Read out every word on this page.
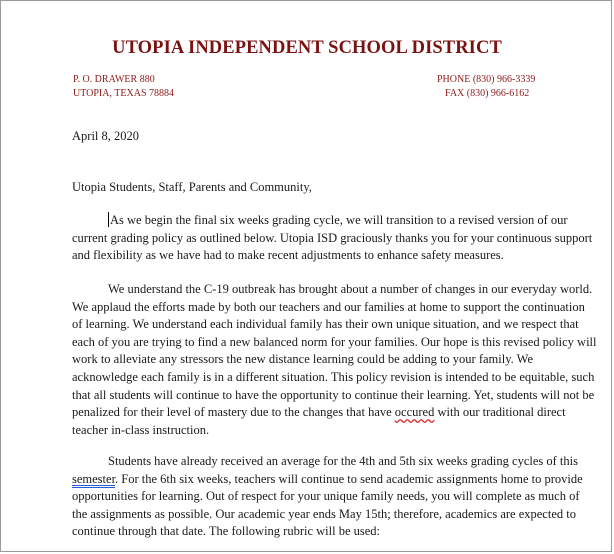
UTOPIA INDEPENDENT SCHOOL DISTRICT
P. O. DRAWER 880
UTOPIA, TEXAS 78884
PHONE (830) 966-3339
FAX (830) 966-6162
April 8, 2020
Utopia Students, Staff, Parents and Community,
As we begin the final six weeks grading cycle, we will transition to a revised version of our
current grading policy as outlined below. Utopia ISD graciously thanks you for your continuous support
and flexibility as we have had to make recent adjustments to enhance safety measures.
We understand the C-19 outbreak has brought about a number of changes in our everyday world.
We applaud the efforts made by both our teachers and our families at home to support the continuation
of learning. We understand each individual family has their own unique situation, and we respect that
each of you are trying to find a new balanced norm for your families. Our hope is this revised policy will
work to alleviate any stressors the new distance learning could be adding to your family. We
acknowledge each family is in a different situation. This policy revision is intended to be equitable, such
that all students will continue to have the opportunity to continue their learning. Yet, students will not be
penalized for their level of mastery due to the changes that have occured with our traditional direct
teacher in-class instruction.
Students have already received an average for the 4th and 5th six weeks grading cycles of this
semester. For the 6th six weeks, teachers will continue to send academic assignments home to provide
opportunities for learning. Out of respect for your unique family needs, you will complete as much of
the assignments as possible. Our academic year ends May 15th; therefore, academics are expected to
continue through that date. The following rubric will be used:
